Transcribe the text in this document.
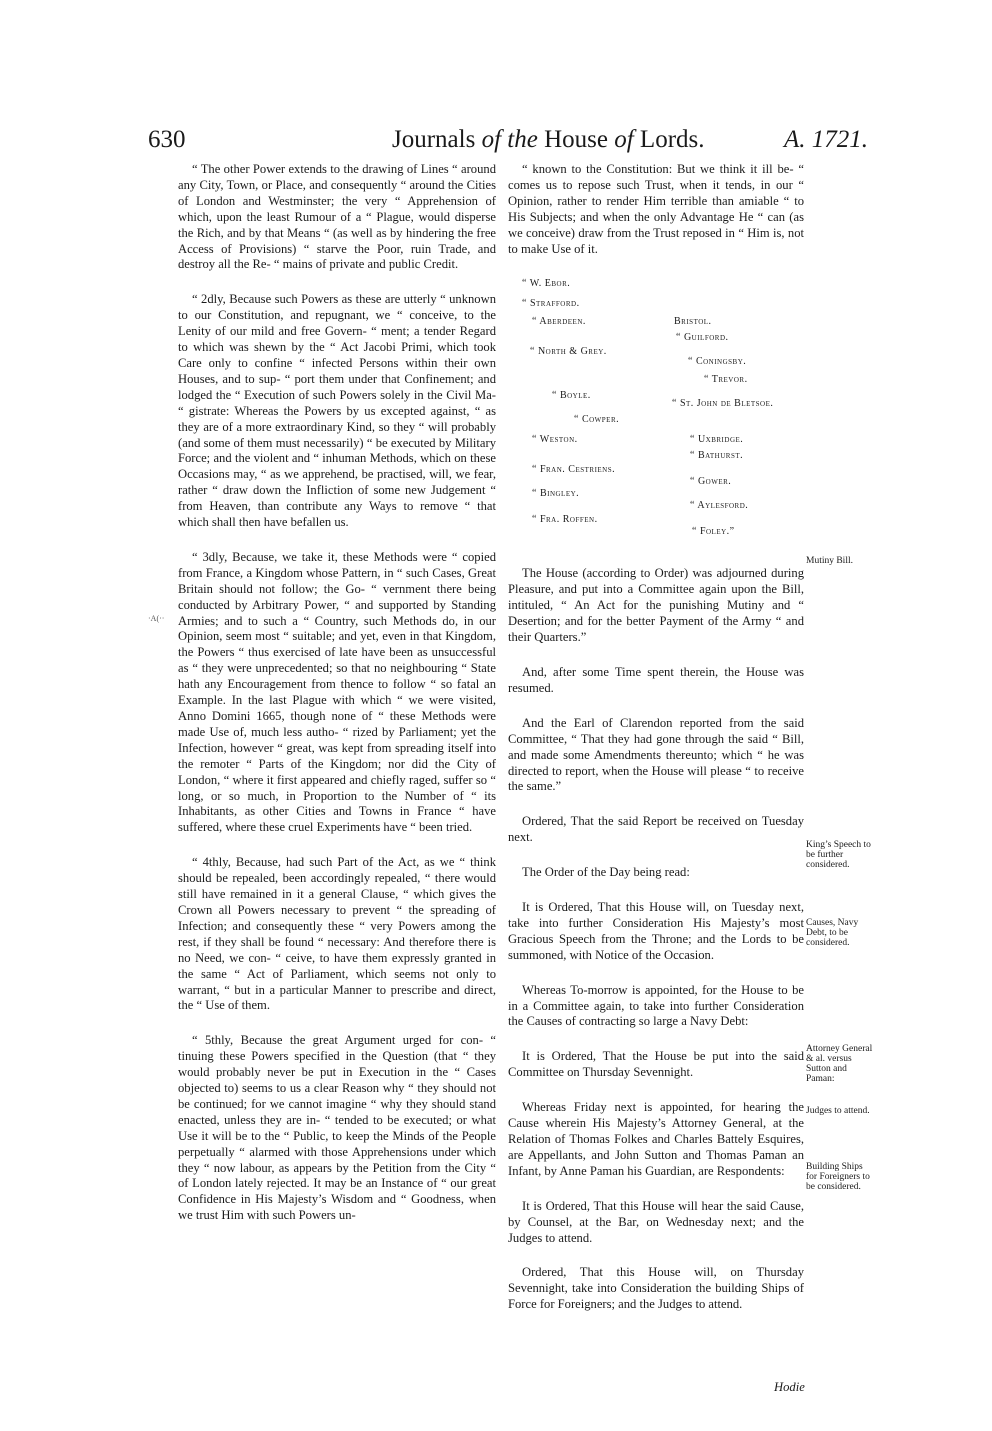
630	Journals of the House of Lords.	A. 1721.
·A(··

“ The other Power extends to the drawing of Lines “ around any City, Town, or Place, and consequently “ around the Cities of London and Westminster; the very “ Apprehension of which, upon the least Rumour of a “ Plague, would disperse the Rich, and by that Means “ (as well as by hindering the free Access of Provisions) “ starve the Poor, ruin Trade, and destroy all the Re- “ mains of private and public Credit.

“ 2dly, Because such Powers as these are utterly “ unknown to our Constitution, and repugnant, we “ conceive, to the Lenity of our mild and free Govern- “ ment; a tender Regard to which was shewn by the “ Act Jacobi Primi, which took Care only to confine “ infected Persons within their own Houses, and to sup- “ port them under that Confinement; and lodged the “ Execution of such Powers solely in the Civil Ma- “ gistrate: Whereas the Powers by us excepted against, “ as they are of a more extraordinary Kind, so they “ will probably (and some of them must necessarily) “ be executed by Military Force; and the violent and “ inhuman Methods, which on these Occasions may, “ as we apprehend, be practised, will, we fear, rather “ draw down the Infliction of some new Judgement “ from Heaven, than contribute any Ways to remove “ that which shall then have befallen us.

“ 3dly, Because, we take it, these Methods were “ copied from France, a Kingdom whose Pattern, in “ such Cases, Great Britain should not follow; the Go- “ vernment there being conducted by Arbitrary Power, “ and supported by Standing Armies; and to such a “ Country, such Methods do, in our Opinion, seem most “ suitable; and yet, even in that Kingdom, the Powers “ thus exercised of late have been as unsuccessful as “ they were unprecedented; so that no neighbouring “ State hath any Encouragement from thence to follow “ so fatal an Example. In the last Plague with which “ we were visited, Anno Domini 1665, though none of “ these Methods were made Use of, much less autho- “ rized by Parliament; yet the Infection, however “ great, was kept from spreading itself into the remoter “ Parts of the Kingdom; nor did the City of London, “ where it first appeared and chiefly raged, suffer so “ long, or so much, in Proportion to the Number of “ its Inhabitants, as other Cities and Towns in France “ have suffered, where these cruel Experiments have “ been tried.

“ 4thly, Because, had such Part of the Act, as we “ think should be repealed, been accordingly repealed, “ there would still have remained in it a general Clause, “ which gives the Crown all Powers necessary to prevent “ the spreading of Infection; and consequently these “ very Powers among the rest, if they shall be found “ necessary: And therefore there is no Need, we con- “ ceive, to have them expressly granted in the same “ Act of Parliament, which seems not only to warrant, “ but in a particular Manner to prescribe and direct, the “ Use of them.

“ 5thly, Because the great Argument urged for con- “ tinuing these Powers specified in the Question (that “ they would probably never be put in Execution in the “ Cases objected to) seems to us a clear Reason why “ they should not be continued; for we cannot imagine “ why they should stand enacted, unless they are in- “ tended to be executed; or what Use it will be to the “ Public, to keep the Minds of the People perpetually “ alarmed with those Apprehensions under which they “ now labour, as appears by the Petition from the City “ of London lately rejected. It may be an Instance of “ our great Confidence in His Majesty’s Wisdom and “ Goodness, when we trust Him with such Powers un-

“ known to the Constitution: But we think it ill be- “ comes us to repose such Trust, when it tends, in our “ Opinion, rather to render Him terrible than amiable “ to His Subjects; and when the only Advantage He “ can (as we conceive) draw from the Trust reposed in “ Him is, not to make Use of it.

“ W. Ebor.
“ Strafford.
“ Aberdeen.
“ North & Grey.
“ Boyle.
“ Cowper.
“ Weston.
“ Fran. Cestriens.
“ Bingley.
“ Fra. Roffen.
Bristol.
“ Guilford.
“ Coningsby.
“ Trevor.
“ St. John de Bletsoe.
“ Uxbridge.
“ Bathurst.
“ Gower.
“ Aylesford.
“ Foley.”

The House (according to Order) was adjourned during Pleasure, and put into a Committee again upon the Bill, intituled, “ An Act for the punishing Mutiny and “ Desertion; and for the better Payment of the Army “ and their Quarters.”

And, after some Time spent therein, the House was resumed.

And the Earl of Clarendon reported from the said Committee, “ That they had gone through the said “ Bill, and made some Amendments thereunto; which “ he was directed to report, when the House will please “ to receive the same.”

Ordered, That the said Report be received on Tuesday next.

The Order of the Day being read:

It is Ordered, That this House will, on Tuesday next, take into further Consideration His Majesty’s most Gracious Speech from the Throne; and the Lords to be summoned, with Notice of the Occasion.

Whereas To-morrow is appointed, for the House to be in a Committee again, to take into further Consideration the Causes of contracting so large a Navy Debt:

It is Ordered, That the House be put into the said Committee on Thursday Sevennight.

Whereas Friday next is appointed, for hearing the Cause wherein His Majesty’s Attorney General, at the Relation of Thomas Folkes and Charles Battely Esquires, are Appellants, and John Sutton and Thomas Paman an Infant, by Anne Paman his Guardian, are Respondents:

It is Ordered, That this House will hear the said Cause, by Counsel, at the Bar, on Wednesday next; and the Judges to attend.

Ordered, That this House will, on Thursday Sevennight, take into Consideration the building Ships of Force for Foreigners; and the Judges to attend.

Mutiny Bill.
King’s Speech to be further considered.
Causes, Navy Debt, to be considered.
Attorney General & al. versus Sutton and Paman:
Judges to attend.
Building Ships for Foreigners to be considered.
Hodie
